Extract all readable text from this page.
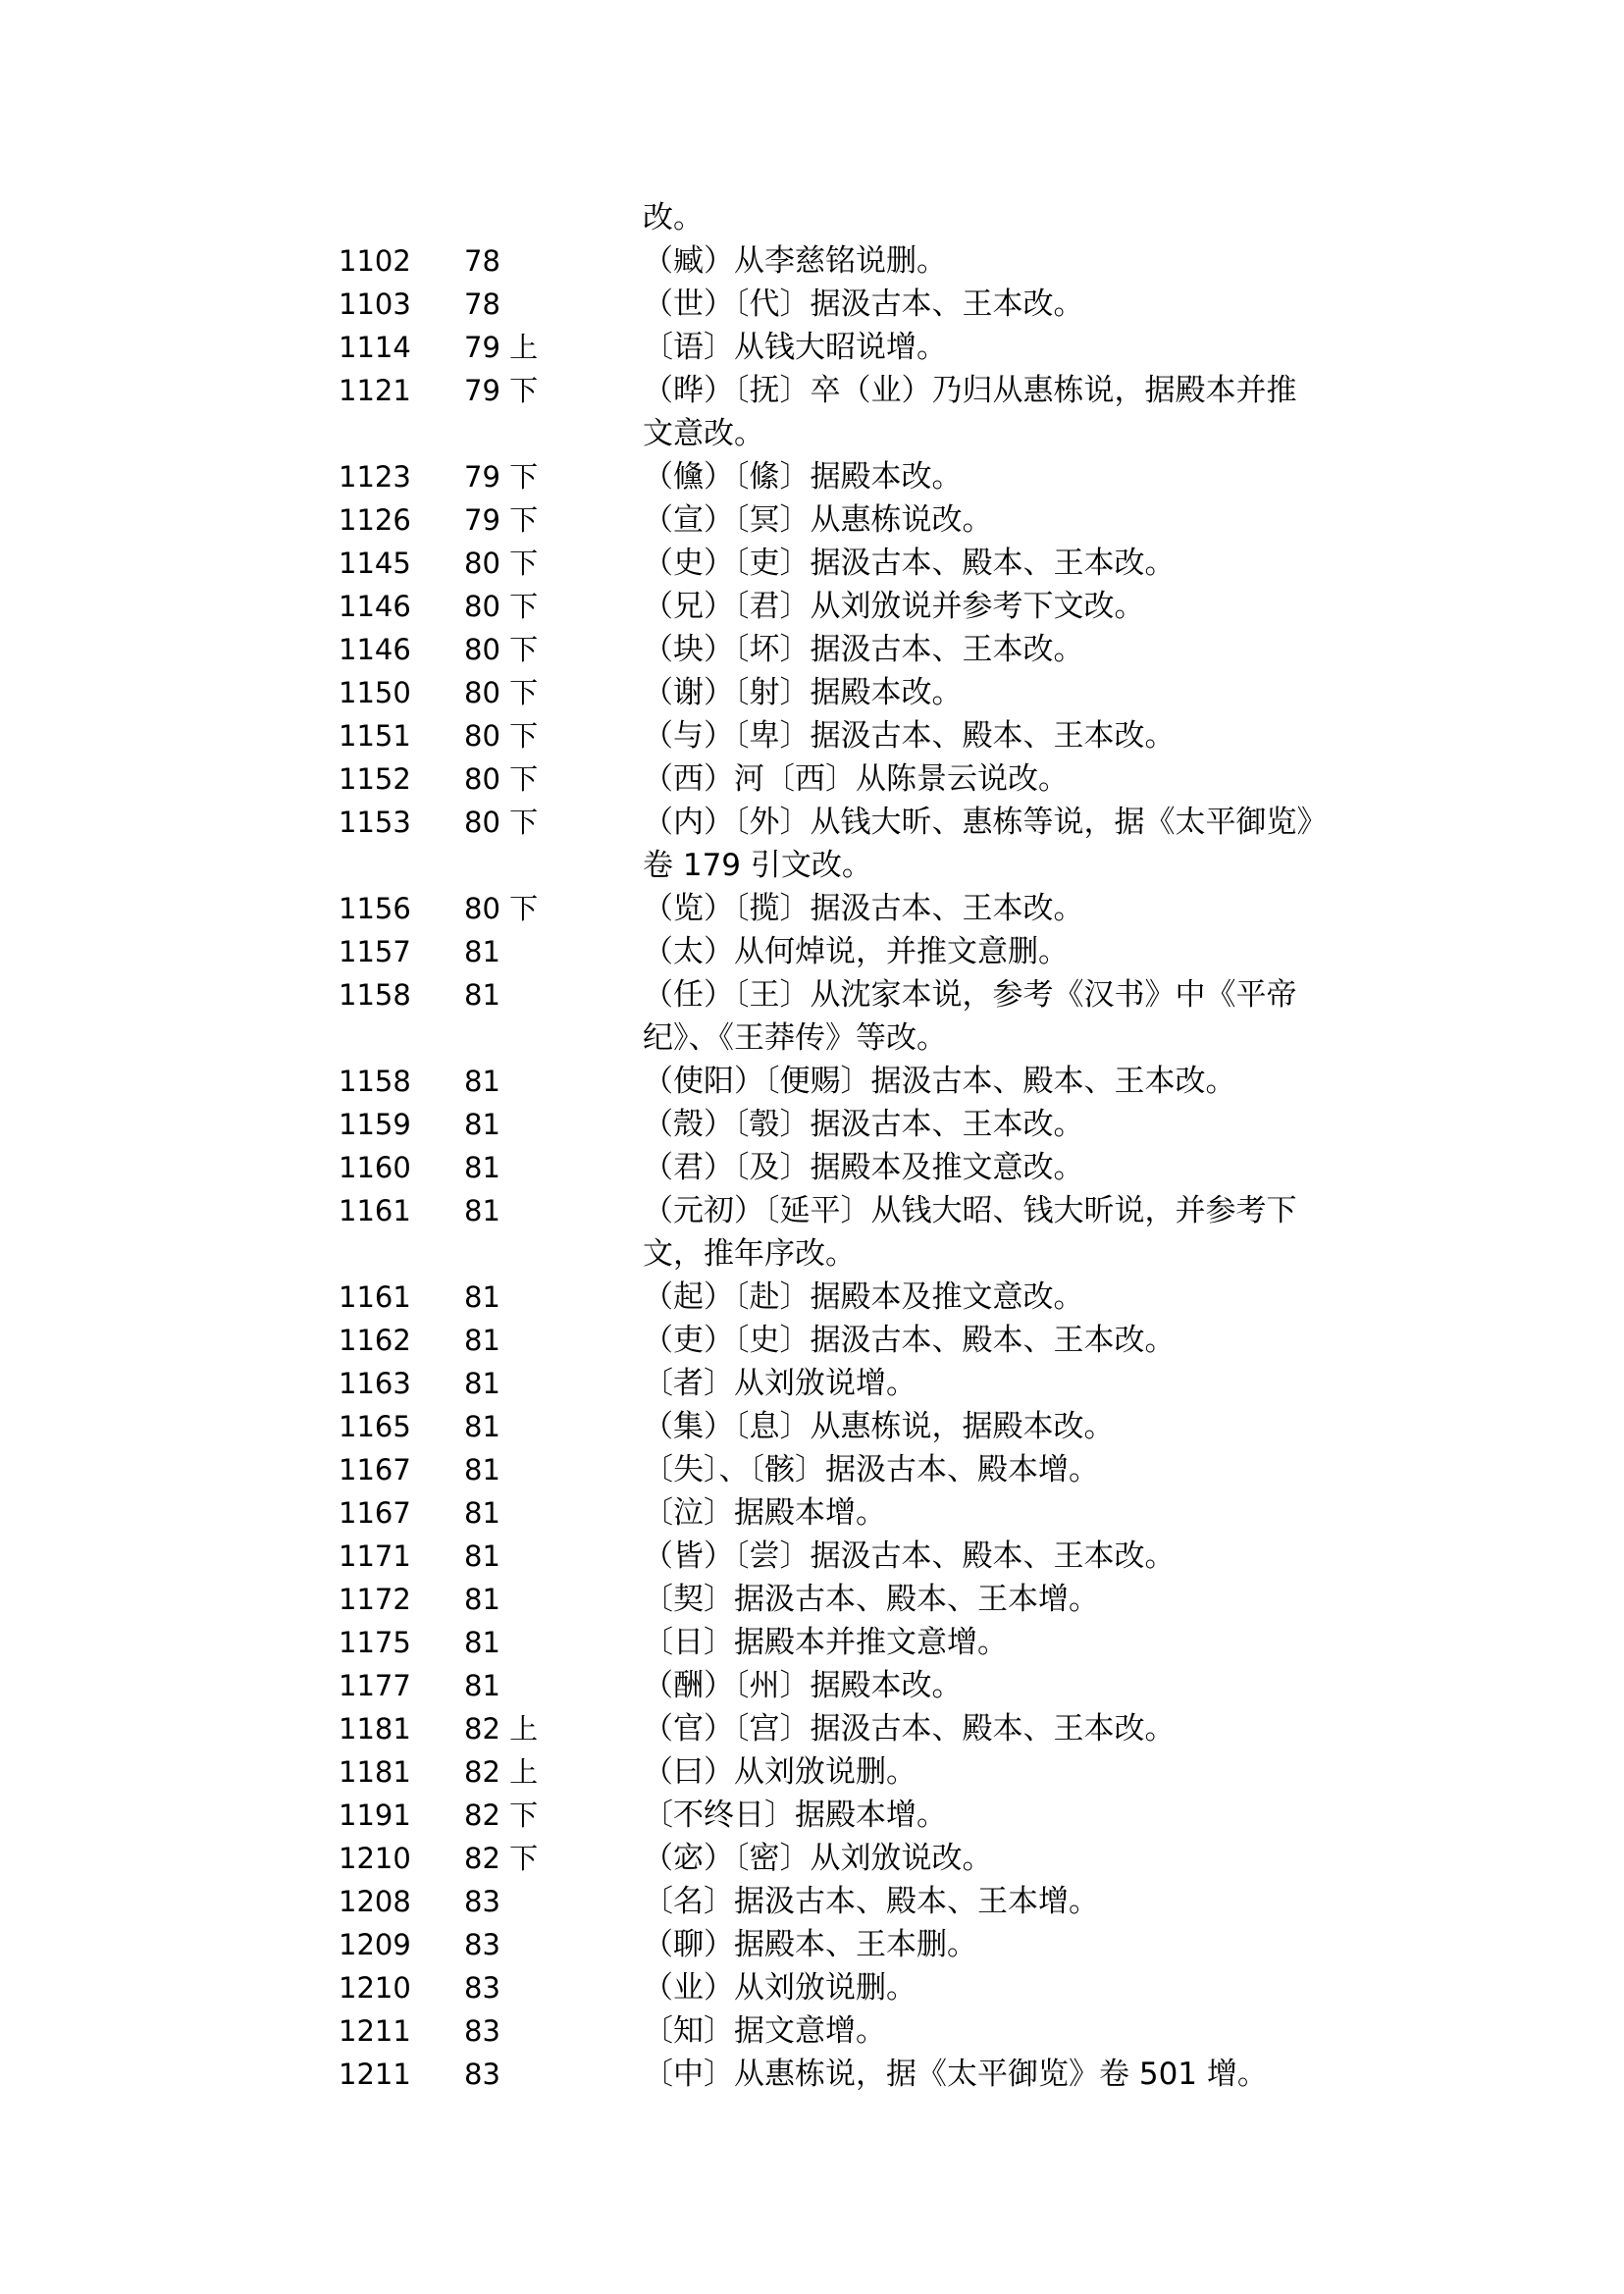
改。
1102 78	（臧）从李慈铭说删。
1103 78	（世）〔代〕据汲古本、王本改。
1114 79 上	〔语〕从钱大昭说增。
1121 79 下	（晔）〔抚〕卒（业）乃归从惠栋说，据殿本并推
文意改。
1123 79 下	（儵）〔絛〕据殿本改。
1126 79 下	（宣）〔冥〕从惠栋说改。
1145 80 下	（史）〔吏〕据汲古本、殿本、王本改。
1146 80 下	（兄）〔君〕从刘攽说并参考下文改。
1146 80 下	（块）〔坏〕据汲古本、王本改。
1150 80 下	（谢）〔射〕据殿本改。
1151 80 下	（与）〔卑〕据汲古本、殿本、王本改。
1152 80 下	（西）河〔西〕从陈景云说改。
1153 80 下	（内）〔外〕从钱大昕、惠栋等说，据《太平御览》
卷 179 引文改。
1156 80 下	（览）〔揽〕据汲古本、王本改。
1157 81	（太）从何焯说，并推文意删。
1158 81	（任）〔王〕从沈家本说，参考《汉书》中《平帝
纪》、《王莽传》等改。
1158 81	（使阳）〔便赐〕据汲古本、殿本、王本改。
1159 81	（殼）〔彀〕据汲古本、王本改。
1160 81	（君）〔及〕据殿本及推文意改。
1161 81	（元初）〔延平〕从钱大昭、钱大昕说，并参考下
文，推年序改。
1161 81	（起）〔赴〕据殿本及推文意改。
1162 81	（吏）〔史〕据汲古本、殿本、王本改。
1163 81	〔者〕从刘攽说增。
1165 81	（集）〔息〕从惠栋说，据殿本改。
1167 81	〔失〕、〔骸〕据汲古本、殿本增。
1167 81	〔泣〕据殿本增。
1171 81	（皆）〔尝〕据汲古本、殿本、王本改。
1172 81	〔契〕据汲古本、殿本、王本增。
1175 81	〔日〕据殿本并推文意增。
1177 81	（酬）〔州〕据殿本改。
1181 82 上	（官）〔宫〕据汲古本、殿本、王本改。
1181 82 上	（曰）从刘攽说删。
1191 82 下	〔不终日〕据殿本增。
1210 82 下	（宓）〔密〕从刘攽说改。
1208 83	〔名〕据汲古本、殿本、王本增。
1209 83	（聊）据殿本、王本删。
1210 83	（业）从刘攽说删。
1211 83	〔知〕据文意增。
1211 83	〔中〕从惠栋说，据《太平御览》卷 501 增。
